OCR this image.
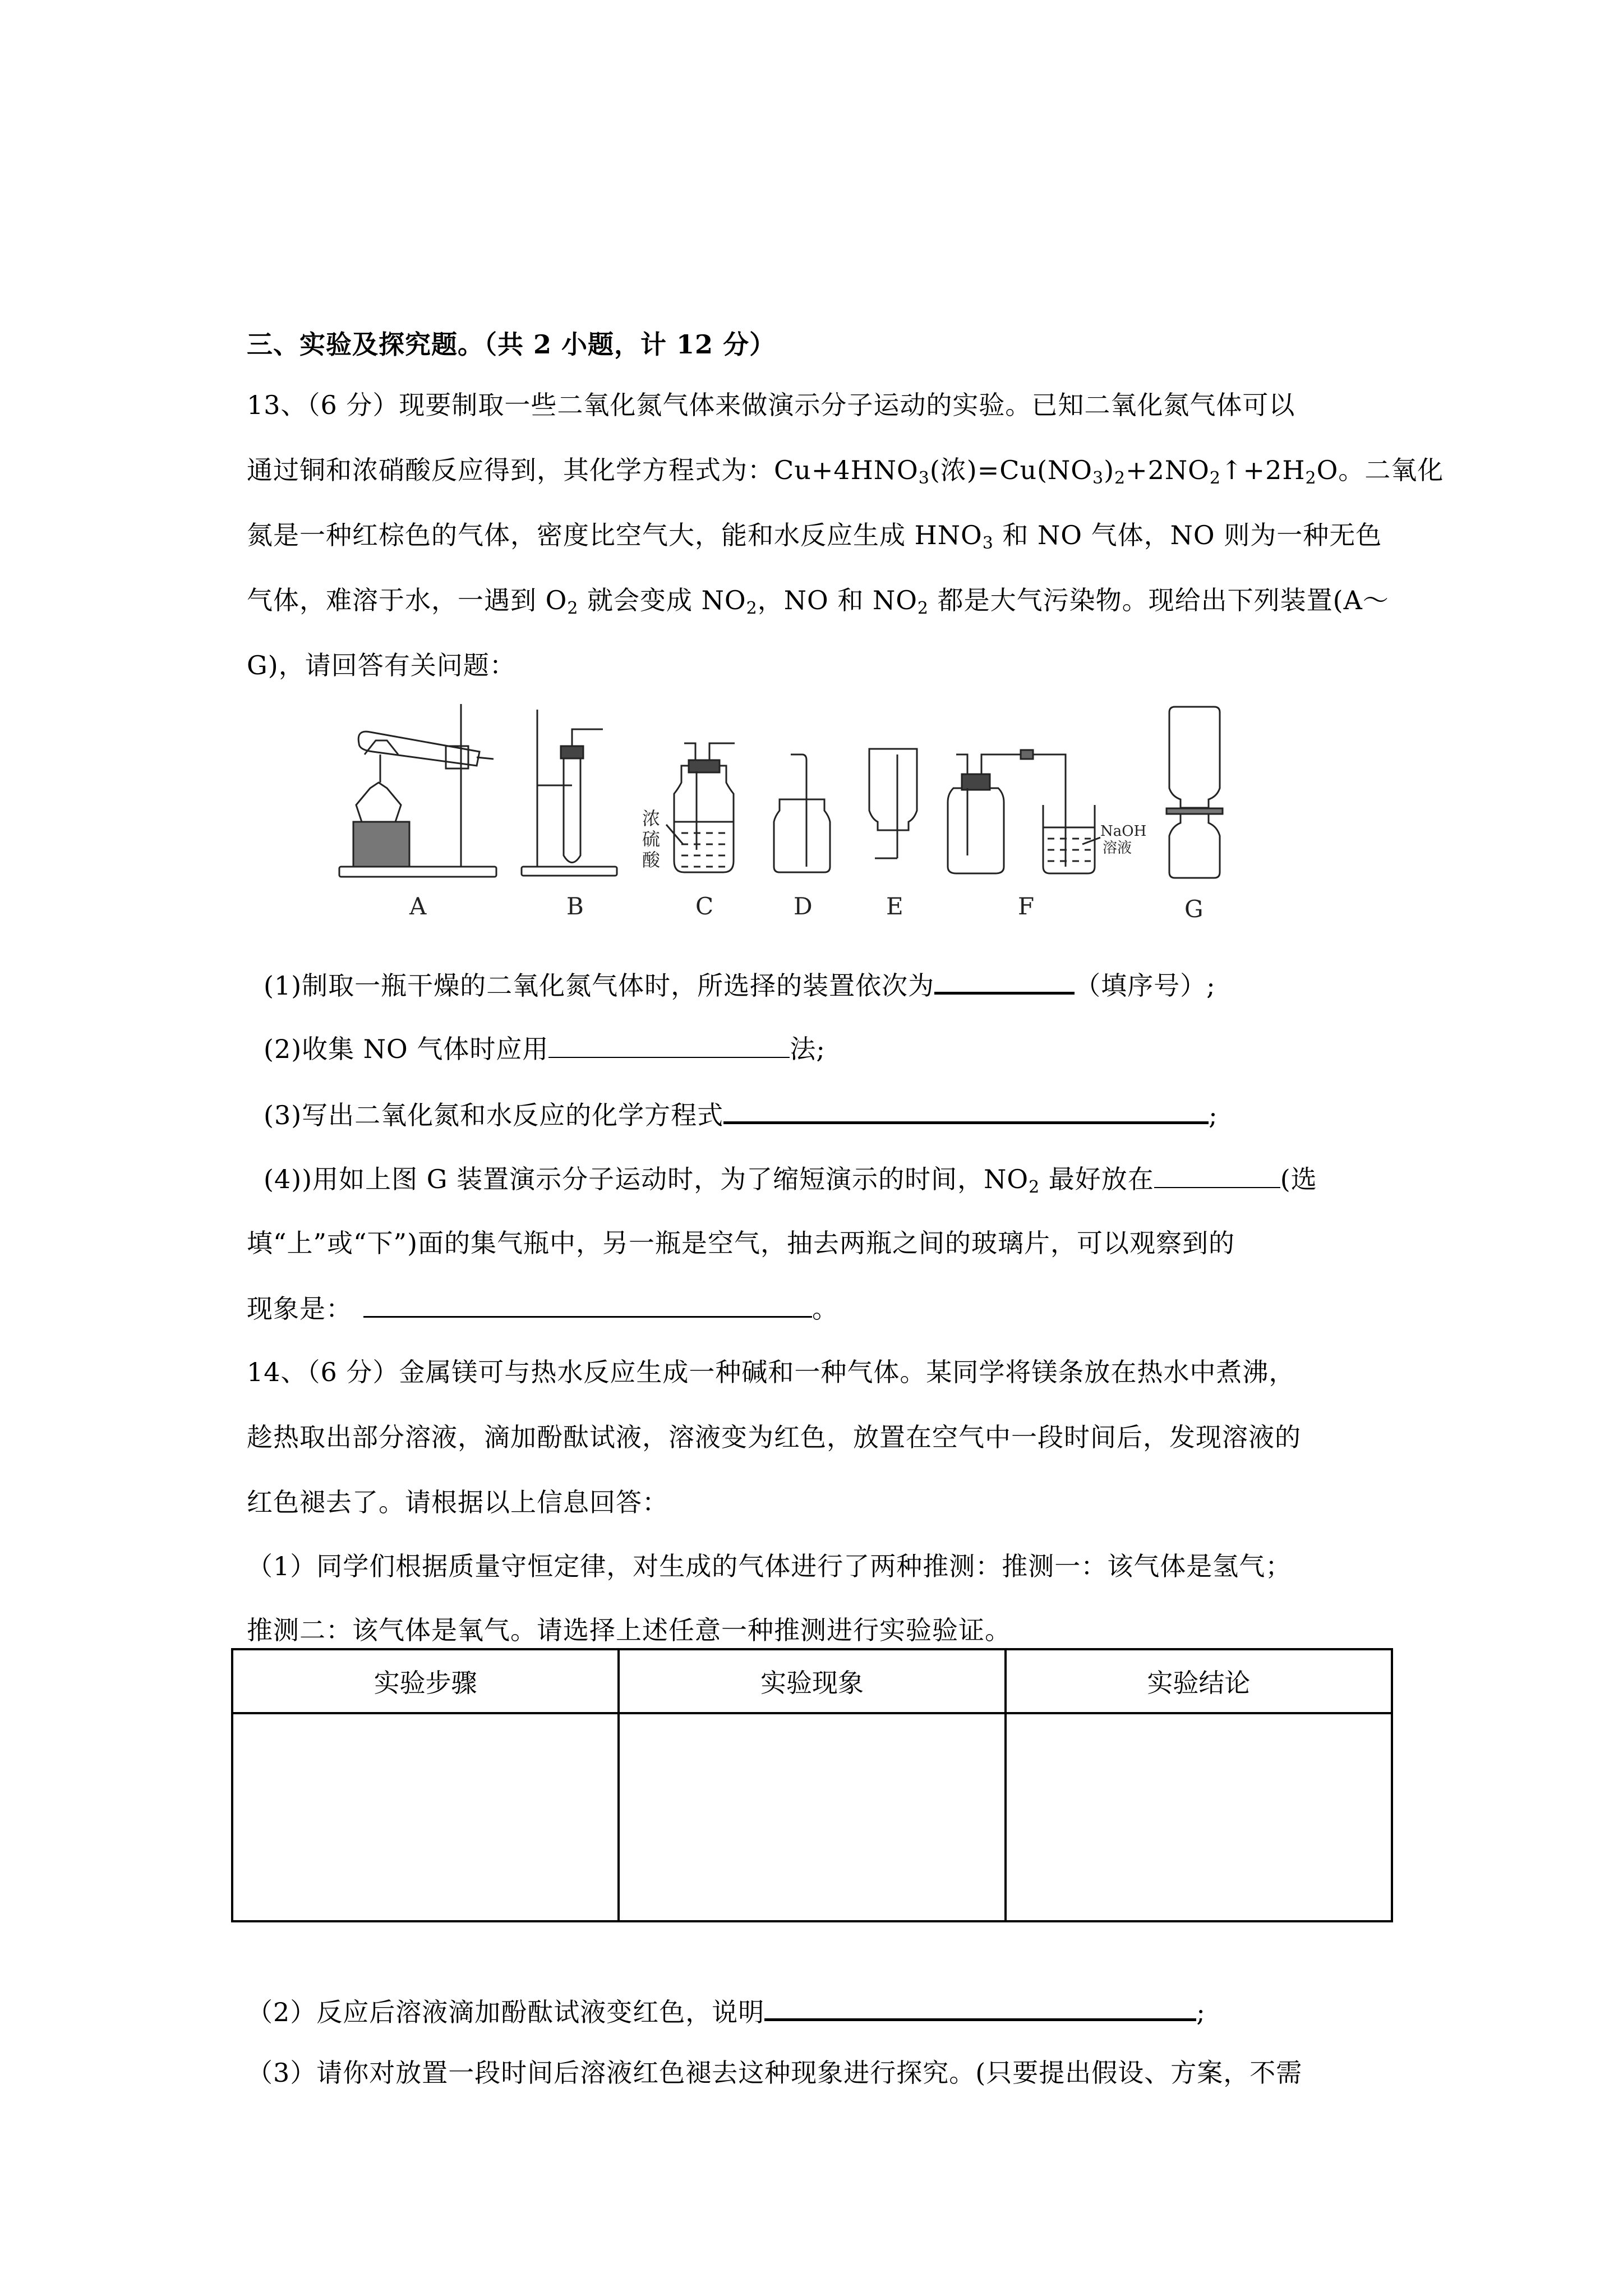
三、实验及探究题。（共 2 小题，计 12 分）
13、（6 分）现要制取一些二氧化氮气体来做演示分子运动的实验。已知二氧化氮气体可以
通过铜和浓硝酸反应得到，其化学方程式为：$Cu+4HNO_3$(浓)$=Cu(NO_3)_2+2NO_2↑+2H_2O$。二氧化
氮是一种红棕色的气体，密度比空气大，能和水反应生成 $HNO_3$ 和 NO 气体，NO 则为一种无色
气体，难溶于水，一遇到 $O_2$ 就会变成 $NO_2$，NO 和 $NO_2$ 都是大气污染物。现给出下列装置(A～
G)，请回答有关问题：
A	B
浓
硫
酸
C	D	E
NaOH
溶液
F	G
(1)制取一瓶干燥的二氧化氮气体时，所选择的装置依次为	（填序号）;
(2)收集 NO 气体时应用	法;
(3)写出二氧化氮和水反应的化学方程式	;
(4))用如上图 G 装置演示分子运动时，为了缩短演示的时间，$NO_2$ 最好放在	(选
填“上”或“下”)面的集气瓶中，另一瓶是空气，抽去两瓶之间的玻璃片，可以观察到的
现象是：	。
14、（6 分）金属镁可与热水反应生成一种碱和一种气体。某同学将镁条放在热水中煮沸，
趁热取出部分溶液，滴加酚酞试液，溶液变为红色，放置在空气中一段时间后，发现溶液的
红色褪去了。请根据以上信息回答：
（1）同学们根据质量守恒定律，对生成的气体进行了两种推测：推测一：该气体是氢气；
推测二：该气体是氧气。请选择上述任意一种推测进行实验验证。
实验步骤	实验现象	实验结论

（2）反应后溶液滴加酚酞试液变红色，说明	;
（3）请你对放置一段时间后溶液红色褪去这种现象进行探究。(只要提出假设、方案，不需
